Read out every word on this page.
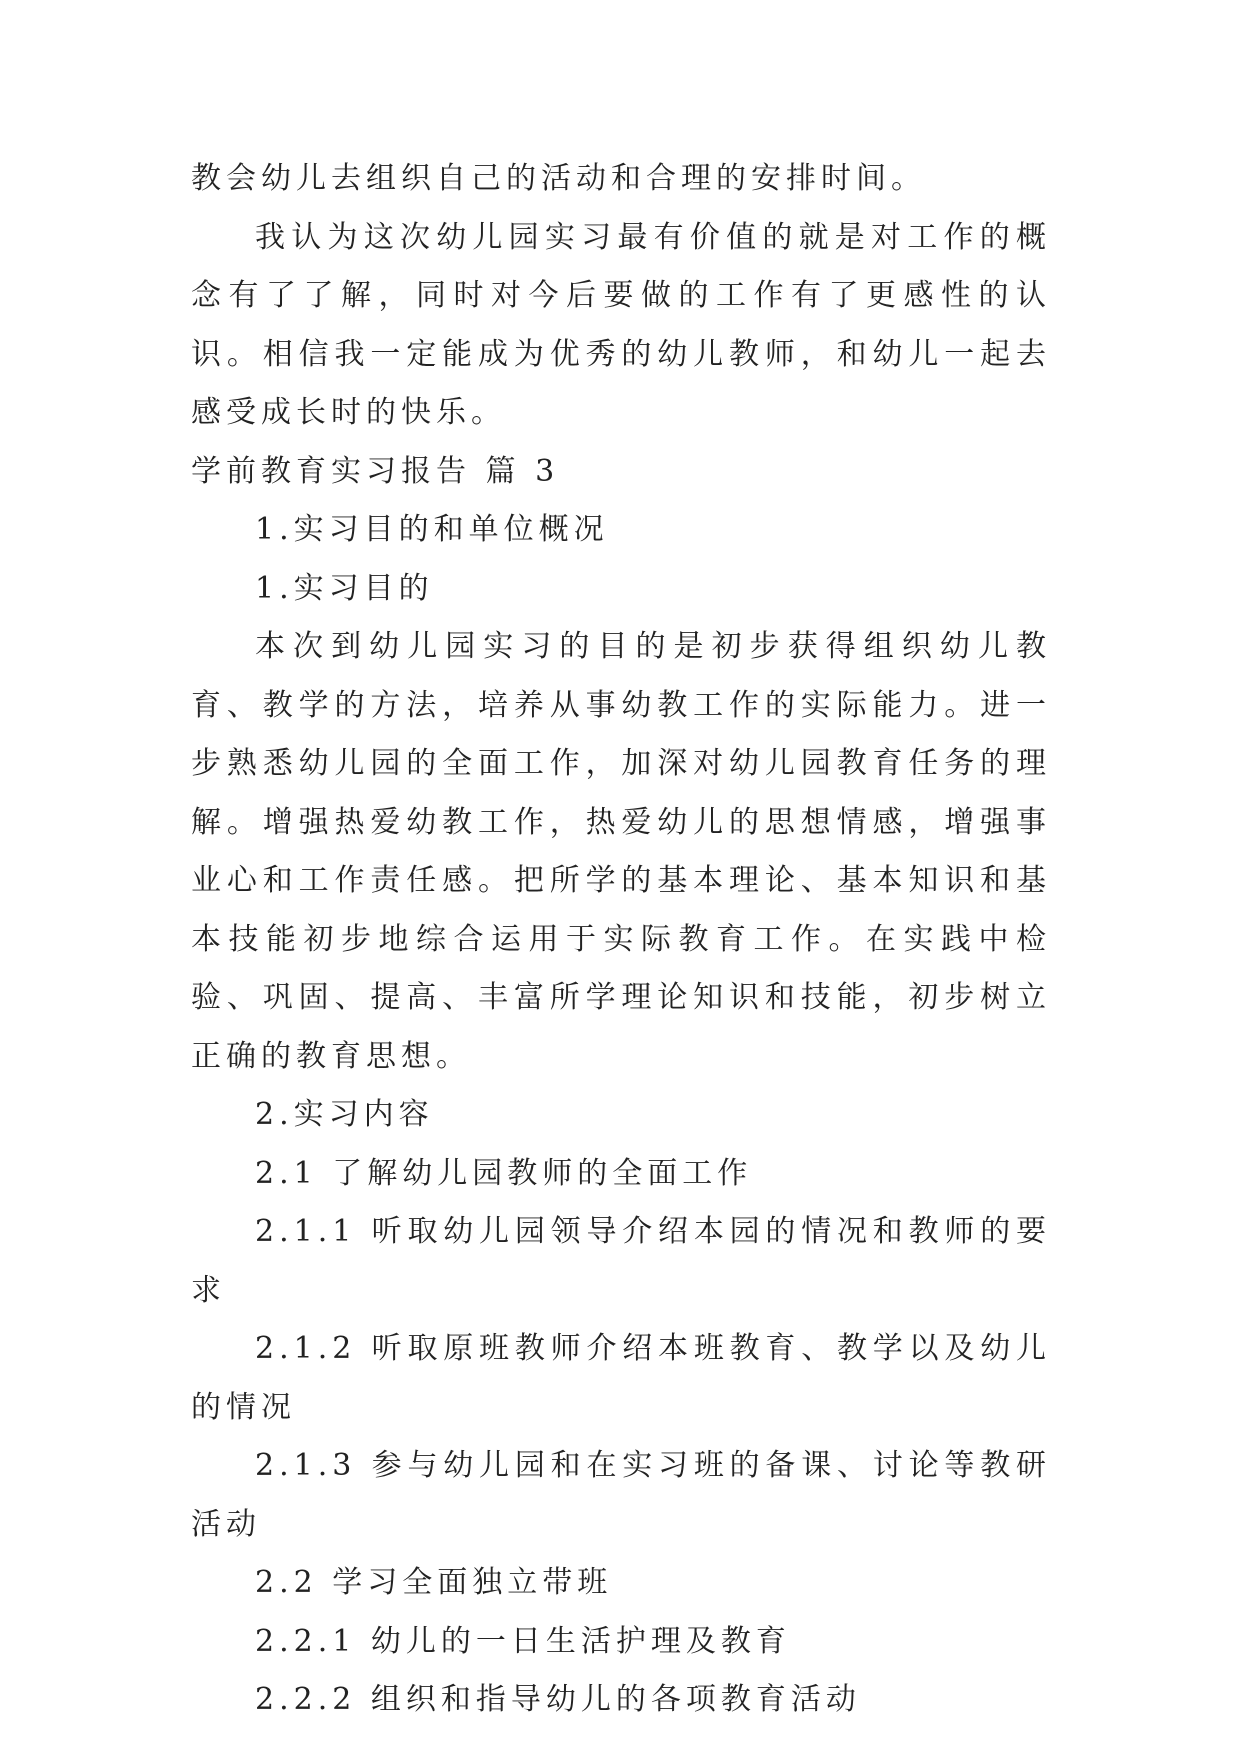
教会幼儿去组织自己的活动和合理的安排时间。

我认为这次幼儿园实习最有价值的就是对工作的概念有了了解，同时对今后要做的工作有了更感性的认识。相信我一定能成为优秀的幼儿教师，和幼儿一起去感受成长时的快乐。

学前教育实习报告 篇 3

1.实习目的和单位概况

1.实习目的

本次到幼儿园实习的目的是初步获得组织幼儿教育、教学的方法，培养从事幼教工作的实际能力。进一步熟悉幼儿园的全面工作，加深对幼儿园教育任务的理解。增强热爱幼教工作，热爱幼儿的思想情感，增强事业心和工作责任感。把所学的基本理论、基本知识和基本技能初步地综合运用于实际教育工作。在实践中检验、巩固、提高、丰富所学理论知识和技能，初步树立正确的教育思想。

2.实习内容

2.1 了解幼儿园教师的全面工作

2.1.1 听取幼儿园领导介绍本园的情况和教师的要求

2.1.2 听取原班教师介绍本班教育、教学以及幼儿的情况

2.1.3 参与幼儿园和在实习班的备课、讨论等教研活动

2.2 学习全面独立带班

2.2.1 幼儿的一日生活护理及教育

2.2.2 组织和指导幼儿的各项教育活动
